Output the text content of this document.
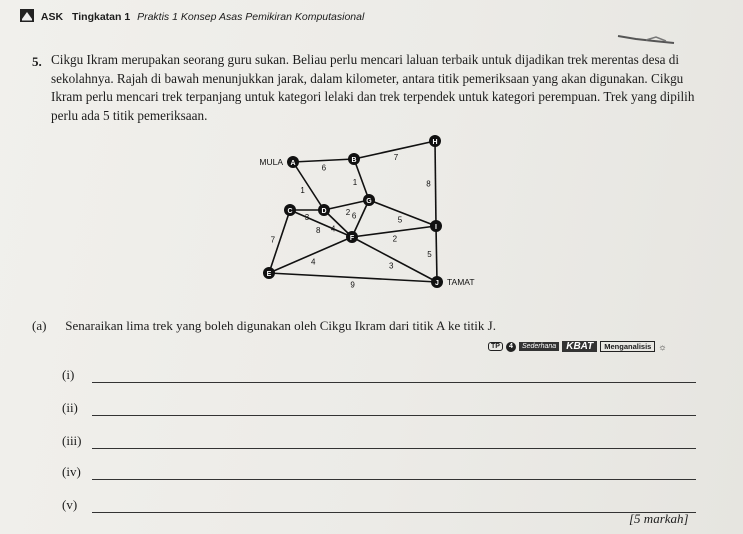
ASK Tingkatan 1 Praktis 1 Konsep Asas Pemikiran Komputasional
5. Cikgu Ikram merupakan seorang guru sukan. Beliau perlu mencari laluan terbaik untuk dijadikan trek merentas desa di sekolahnya. Rajah di bawah menunjukkan jarak, dalam kilometer, antara titik pemeriksaan yang akan digunakan. Cikgu Ikram perlu mencari trek terpanjang untuk kategori lelaki dan trek terpendek untuk kategori perempuan. Trek yang dipilih perlu ada 5 titik pemeriksaan.
6
7
8
1
1
2
5
6
7
8
2
4	3
5
9
A	B
H
C	D
G
I
F
E
J
MULA
TAMAT
(a) Senaraikan lima trek yang boleh digunakan oleh Cikgu Ikram dari titik A ke titik J.
TP	4	Sederhana	KBAT	Menganalisis ☼
(i)
(ii)
(iii)
(iv)
(v)
[5 markah]
